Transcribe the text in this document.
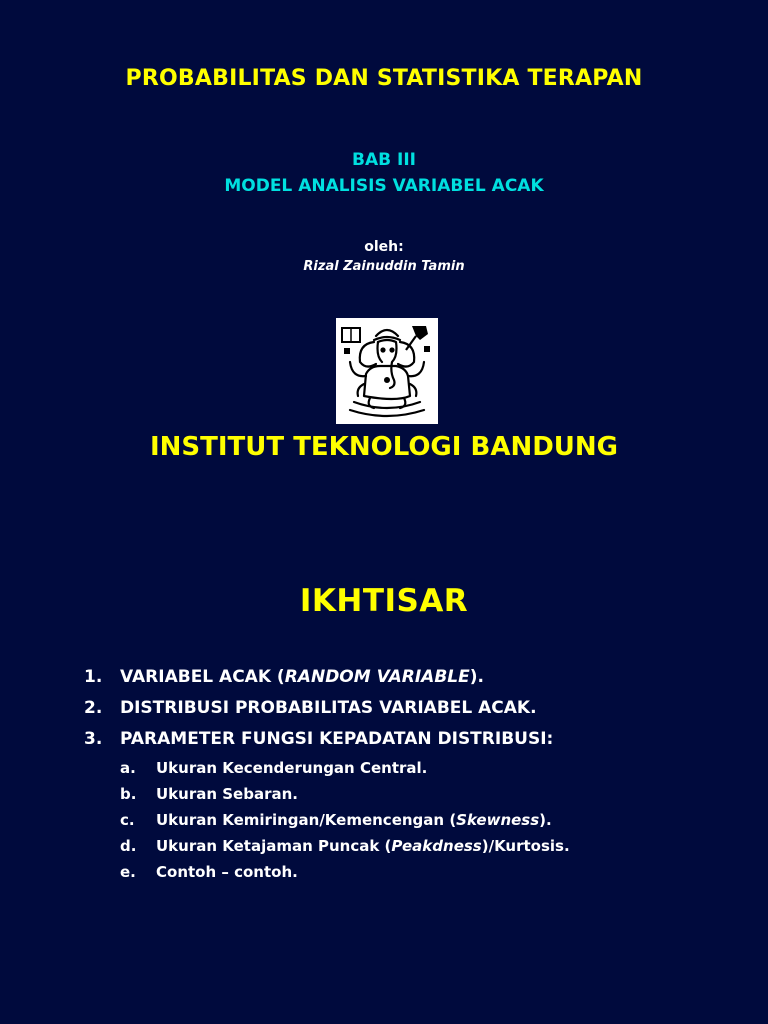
PROBABILITAS DAN STATISTIKA TERAPAN

BAB III
MODEL ANALISIS VARIABEL ACAK

oleh:

Rizal Zainuddin Tamin

INSTITUT TEKNOLOGI BANDUNG

IKHTISAR

1. VARIABEL ACAK (RANDOM VARIABLE).
2. DISTRIBUSI PROBABILITAS VARIABEL ACAK.
3. PARAMETER FUNGSI KEPADATAN DISTRIBUSI:
a. Ukuran Kecenderungan Central.
b. Ukuran Sebaran.
c. Ukuran Kemiringan/Kemencengan (Skewness).
d. Ukuran Ketajaman Puncak (Peakdness)/Kurtosis.
e. Contoh – contoh.
